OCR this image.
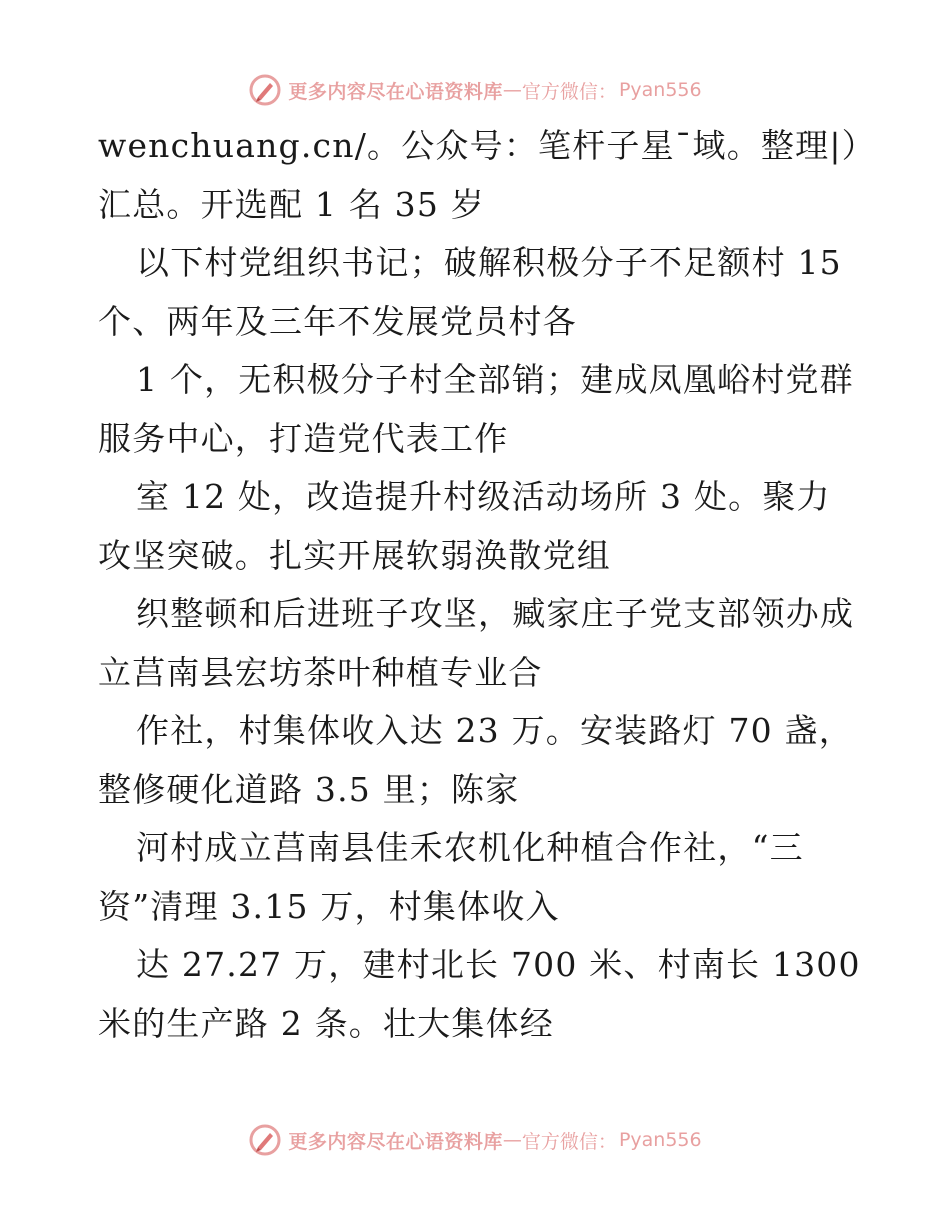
更多内容尽在心语资料库 — 官方微信： Pyan556
wenchuang.cn/。公众号：笔杆子星¯域。整理|）
汇总。开选配 1 名 35 岁
以下村党组织书记；破解积极分子不足额村 15
个、两年及三年不发展党员村各
1 个，无积极分子村全部销；建成凤凰峪村党群
服务中心，打造党代表工作
室 12 处，改造提升村级活动场所 3 处。聚力
攻坚突破。扎实开展软弱涣散党组
织整顿和后进班子攻坚，臧家庄子党支部领办成
立莒南县宏坊茶叶种植专业合
作社，村集体收入达 23 万。安装路灯 70 盏，
整修硬化道路 3.5 里；陈家
河村成立莒南县佳禾农机化种植合作社，“三
资”清理 3.15 万，村集体收入
达 27.27 万，建村北长 700 米、村南长 1300
米的生产路 2 条。壮大集体经
更多内容尽在心语资料库 — 官方微信： Pyan556
